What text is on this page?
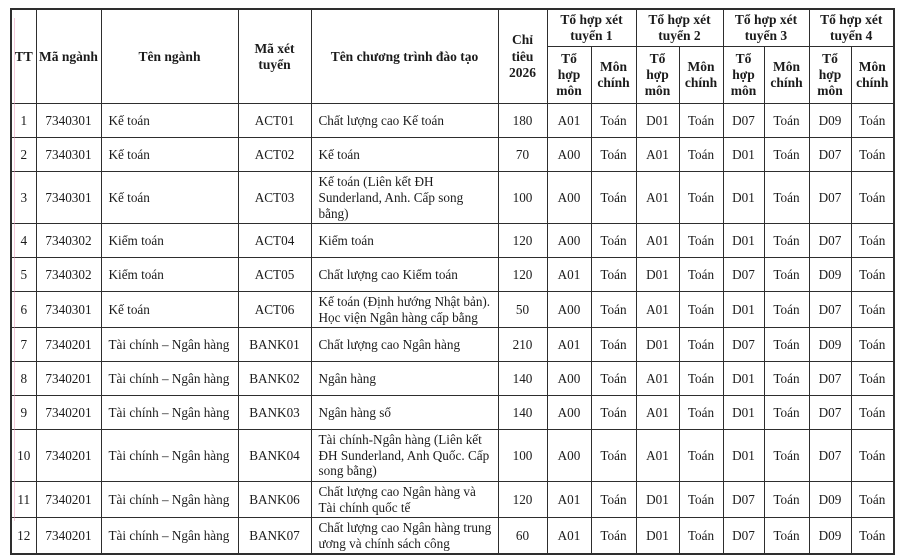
TT	Mã ngành	Tên ngành	Mã xét tuyển	Tên chương trình đào tạo	Chỉ tiêu 2026	Tổ hợp xét tuyển 1		Tổ hợp xét tuyển 2		Tổ hợp xét tuyển 3		Tổ hợp xét tuyển 4	
						Tổ hợp môn	Môn chính	Tổ hợp môn	Môn chính	Tổ hợp môn	Môn chính	Tổ hợp môn	Môn chính
1	7340301	Kế toán	ACT01	Chất lượng cao Kế toán	180	A01	Toán	D01	Toán	D07	Toán	D09	Toán
2	7340301	Kế toán	ACT02	Kế toán	70	A00	Toán	A01	Toán	D01	Toán	D07	Toán
3	7340301	Kế toán	ACT03	Kế toán (Liên kết ĐH Sunderland, Anh. Cấp song bằng)	100	A00	Toán	A01	Toán	D01	Toán	D07	Toán
4	7340302	Kiểm toán	ACT04	Kiểm toán	120	A00	Toán	A01	Toán	D01	Toán	D07	Toán
5	7340302	Kiểm toán	ACT05	Chất lượng cao Kiểm toán	120	A01	Toán	D01	Toán	D07	Toán	D09	Toán
6	7340301	Kế toán	ACT06	Kế toán (Định hướng Nhật bản). Học viện Ngân hàng cấp bằng	50	A00	Toán	A01	Toán	D01	Toán	D07	Toán
7	7340201	Tài chính – Ngân hàng	BANK01	Chất lượng cao Ngân hàng	210	A01	Toán	D01	Toán	D07	Toán	D09	Toán
8	7340201	Tài chính – Ngân hàng	BANK02	Ngân hàng	140	A00	Toán	A01	Toán	D01	Toán	D07	Toán
9	7340201	Tài chính – Ngân hàng	BANK03	Ngân hàng số	140	A00	Toán	A01	Toán	D01	Toán	D07	Toán
10	7340201	Tài chính – Ngân hàng	BANK04	Tài chính-Ngân hàng (Liên kết ĐH Sunderland, Anh Quốc. Cấp song bằng)	100	A00	Toán	A01	Toán	D01	Toán	D07	Toán
11	7340201	Tài chính – Ngân hàng	BANK06	Chất lượng cao Ngân hàng và Tài chính quốc tế	120	A01	Toán	D01	Toán	D07	Toán	D09	Toán
12	7340201	Tài chính – Ngân hàng	BANK07	Chất lượng cao Ngân hàng trung ương và chính sách công	60	A01	Toán	D01	Toán	D07	Toán	D09	Toán
